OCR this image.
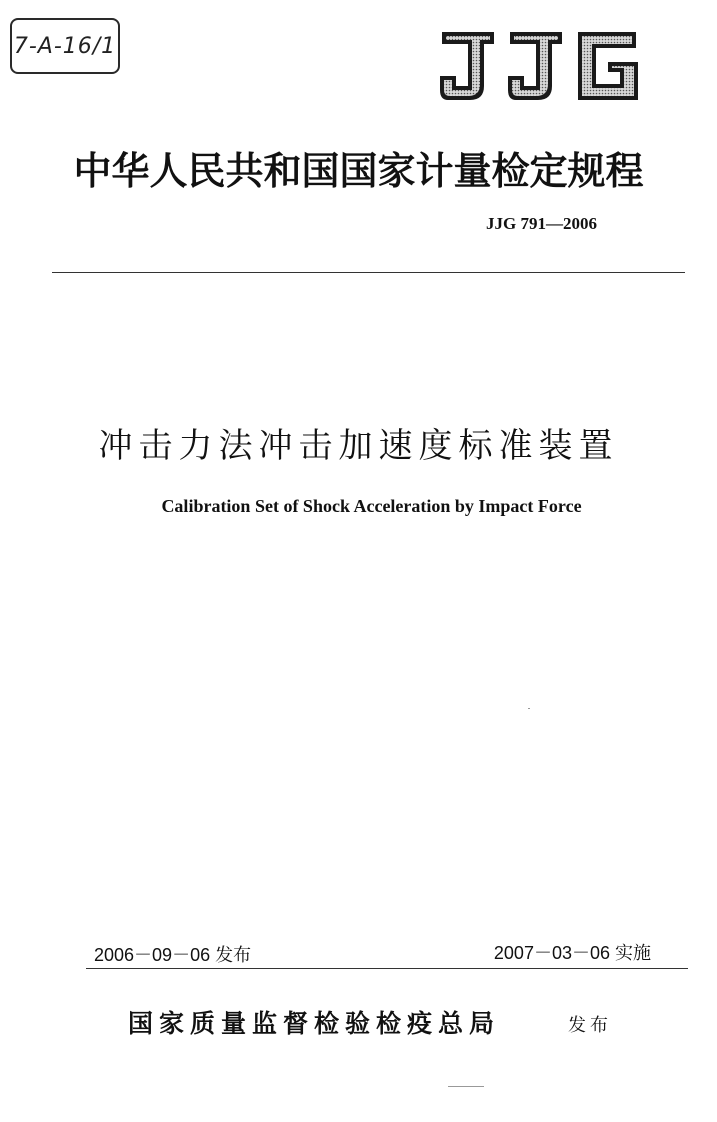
7-A-16/1
中华人民共和国国家计量检定规程
JJG 791—2006
冲击力法冲击加速度标准装置
Calibration Set of Shock Acceleration by Impact Force
2006－09－06 发布	2007－03－06 实施
国家质量监督检验检疫总局	发布
